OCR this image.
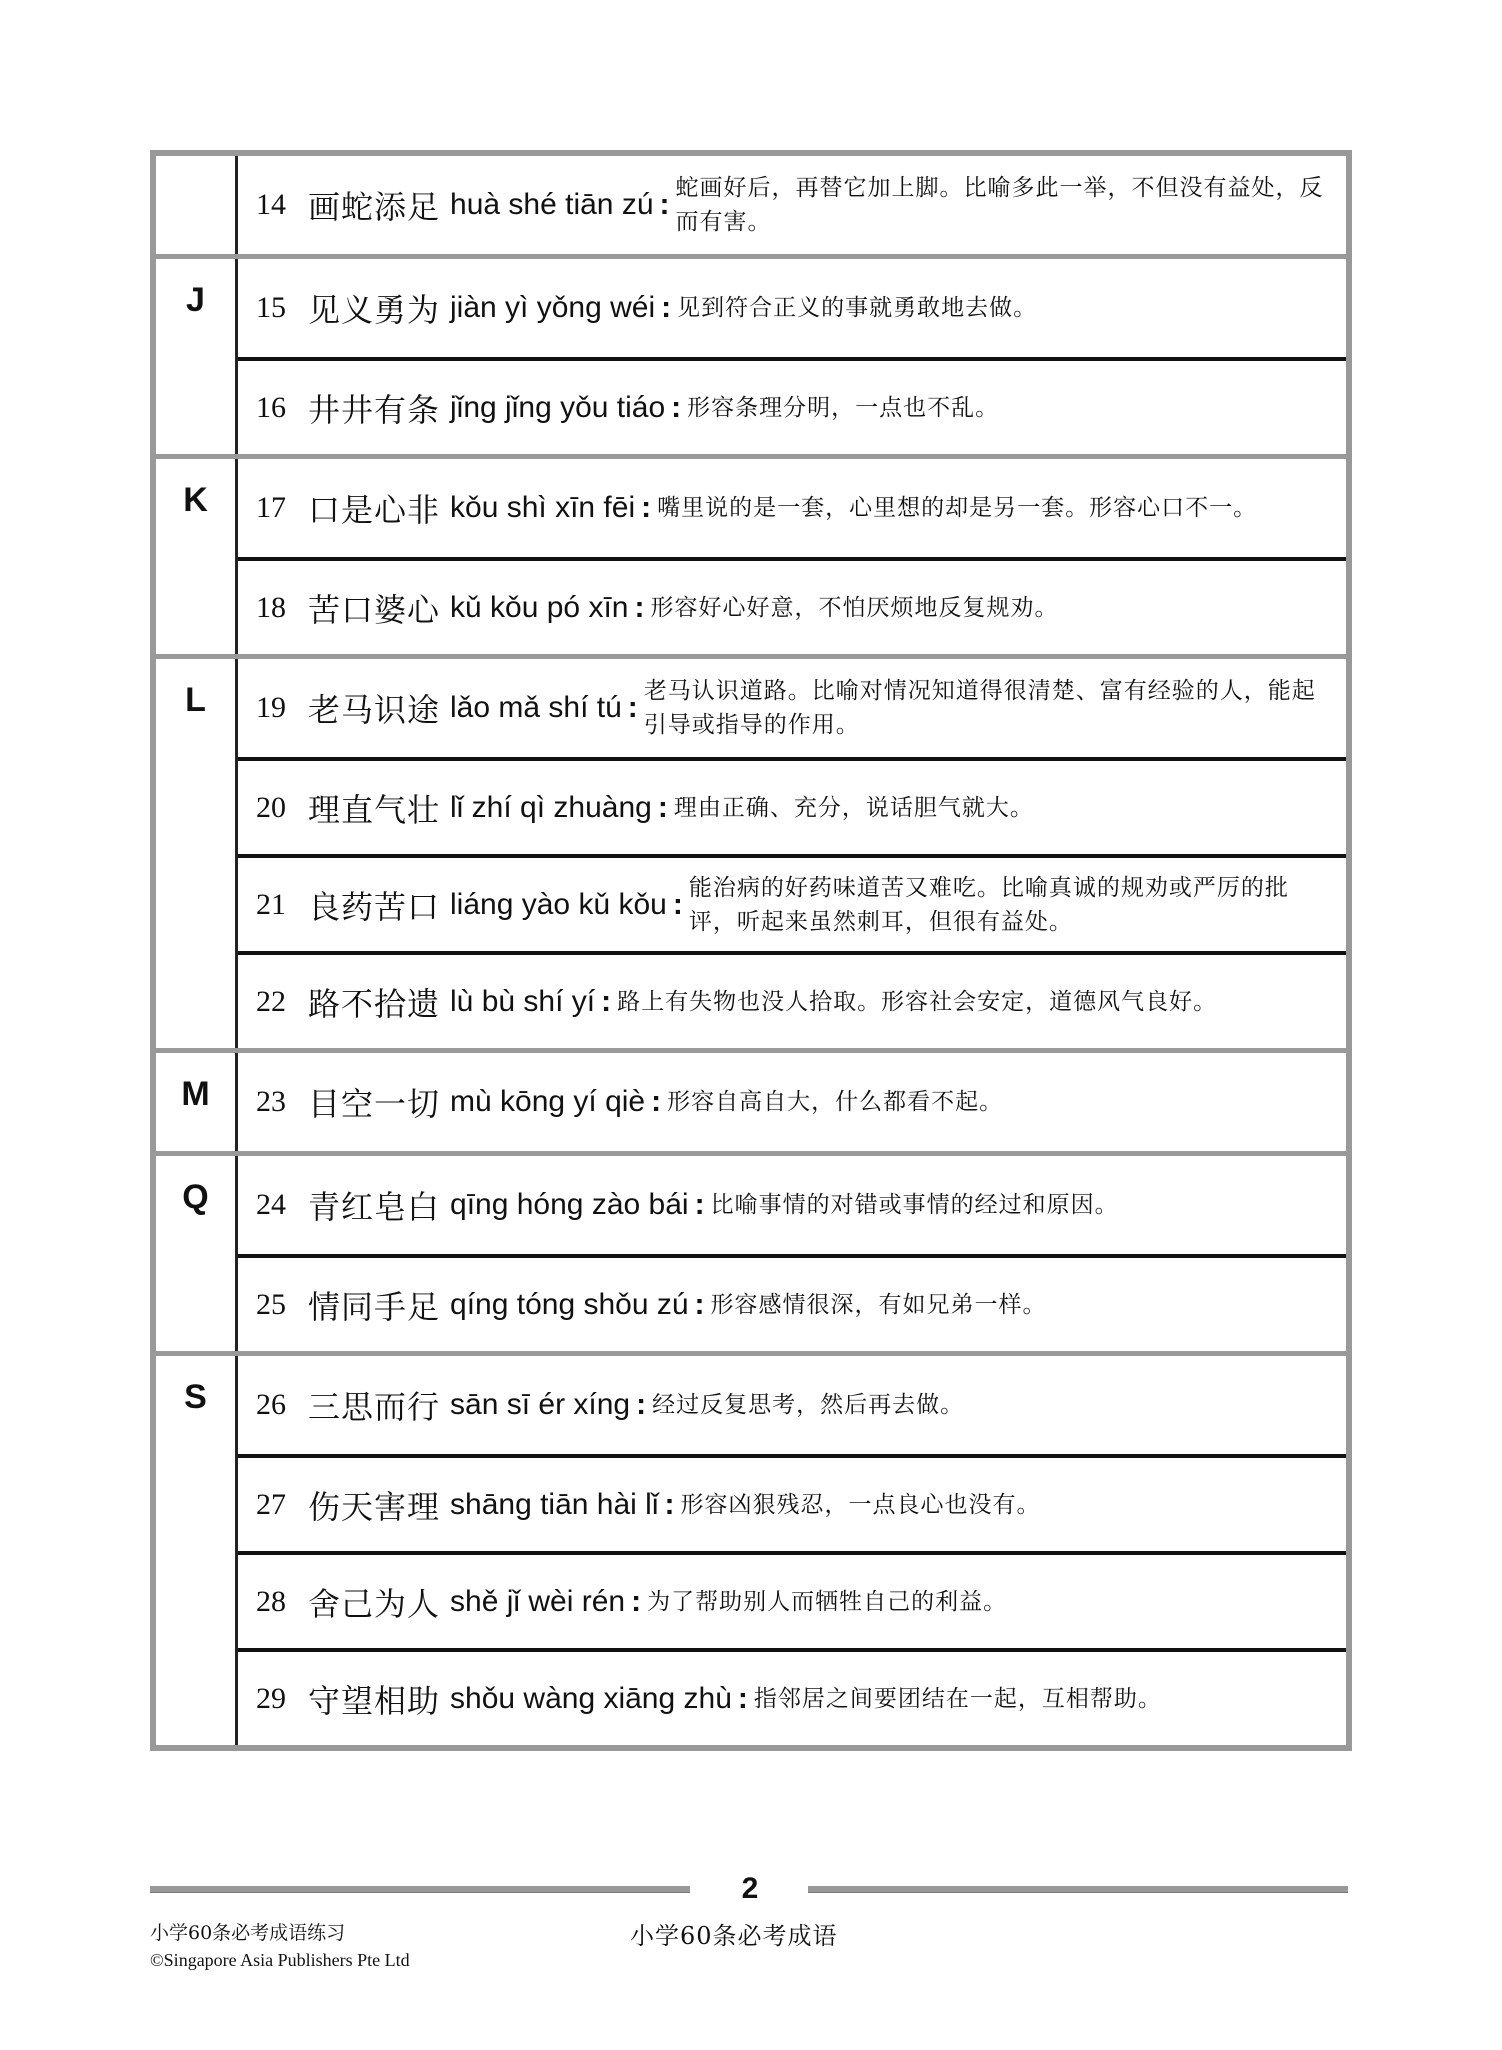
14 画蛇添足 huà shé tiān zú : 蛇画好后，再替它加上脚。比喻多此一举，不但没有益处，反而有害。
J	15 见义勇为 jiàn yì yǒng wéi : 见到符合正义的事就勇敢地去做。
16 井井有条 jǐng jǐng yǒu tiáo : 形容条理分明，一点也不乱。
K	17 口是心非 kǒu shì xīn fēi : 嘴里说的是一套，心里想的却是另一套。形容心口不一。
18 苦口婆心 kǔ kǒu pó xīn : 形容好心好意，不怕厌烦地反复规劝。
L	19 老马识途 lǎo mǎ shí tú : 老马认识道路。比喻对情况知道得很清楚、富有经验的人，能起引导或指导的作用。
20 理直气壮 lǐ zhí qì zhuàng : 理由正确、充分，说话胆气就大。
21 良药苦口 liáng yào kǔ kǒu : 能治病的好药味道苦又难吃。比喻真诚的规劝或严厉的批评，听起来虽然刺耳，但很有益处。
22 路不拾遗 lù bù shí yí : 路上有失物也没人拾取。形容社会安定，道德风气良好。
M	23 目空一切 mù kōng yí qiè : 形容自高自大，什么都看不起。
Q	24 青红皂白 qīng hóng zào bái : 比喻事情的对错或事情的经过和原因。
25 情同手足 qíng tóng shǒu zú : 形容感情很深，有如兄弟一样。
S	26 三思而行 sān sī ér xíng : 经过反复思考，然后再去做。
27 伤天害理 shāng tiān hài lǐ : 形容凶狠残忍，一点良心也没有。
28 舍己为人 shě jǐ wèi rén : 为了帮助别人而牺牲自己的利益。
29 守望相助 shǒu wàng xiāng zhù : 指邻居之间要团结在一起，互相帮助。
2
小学60条必考成语练习
©Singapore Asia Publishers Pte Ltd
小学60条必考成语
